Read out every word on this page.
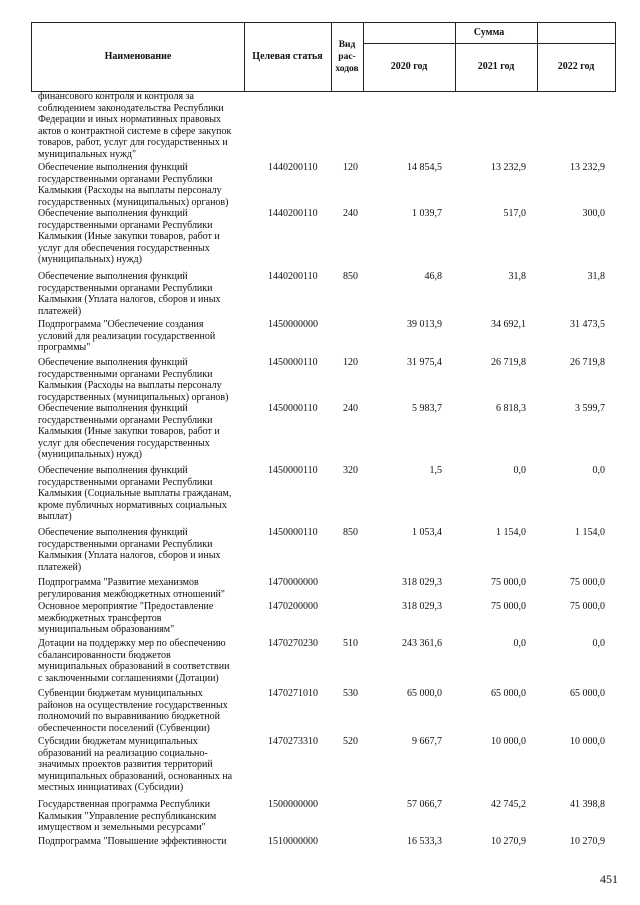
Наименование	Целевая статья
Вид рас-ходов
Сумма
2020 год	2021 год	2022 год
финансового контроля и контроля за
соблюдением законодательства Республики
Федерации и иных нормативных правовых
актов о контрактной системе в сфере закупок
товаров, работ, услуг для государственных и
муниципальных нужд"
Обеспечение выполнения функций
государственными органами Республики
Калмыкия (Расходы на выплаты персоналу
государственных (муниципальных) органов)
1440200110	120	14 854,5	13 232,9	13 232,9
Обеспечение выполнения функций
государственными органами Республики
Калмыкия (Иные закупки товаров, работ и
услуг для обеспечения государственных
(муниципальных) нужд)
1440200110	240	1 039,7	517,0	300,0
Обеспечение выполнения функций
государственными органами Республики
Калмыкия (Уплата налогов, сборов и иных
платежей)
1440200110	850	46,8	31,8	31,8
Подпрограмма "Обеспечение создания
условий для реализации государственной
программы"
1450000000	39 013,9	34 692,1	31 473,5
Обеспечение выполнения функций
государственными органами Республики
Калмыкия (Расходы на выплаты персоналу
государственных (муниципальных) органов)
1450000110	120	31 975,4	26 719,8	26 719,8
Обеспечение выполнения функций
государственными органами Республики
Калмыкия (Иные закупки товаров, работ и
услуг для обеспечения государственных
(муниципальных) нужд)
1450000110	240	5 983,7	6 818,3	3 599,7
Обеспечение выполнения функций
государственными органами Республики
Калмыкия (Социальные выплаты гражданам,
кроме публичных нормативных социальных
выплат)
1450000110	320	1,5	0,0	0,0
Обеспечение выполнения функций
государственными органами Республики
Калмыкия (Уплата налогов, сборов и иных
платежей)
1450000110	850	1 053,4	1 154,0	1 154,0
Подпрограмма "Развитие механизмов
регулирования межбюджетных отношений"
1470000000	318 029,3	75 000,0	75 000,0
Основное мероприятие "Предоставление
межбюджетных трансфертов
муниципальным образованиям"
1470200000	318 029,3	75 000,0	75 000,0
Дотации на поддержку мер по обеспечению
сбалансированности бюджетов
муниципальных образований в соответствии
с заключенными соглашениями (Дотации)
1470270230	510	243 361,6	0,0	0,0
Субвенции бюджетам муниципальных
районов на осуществление государственных
полномочий по выравниванию бюджетной
обеспеченности поселений (Субвенции)
1470271010	530	65 000,0	65 000,0	65 000,0
Субсидии бюджетам муниципальных
образований на реализацию социально-
значимых проектов развития территорий
муниципальных образований, основанных на
местных инициативах (Субсидии)
1470273310	520	9 667,7	10 000,0	10 000,0
Государственная программа Республики
Калмыкия "Управление республиканским
имуществом и земельными ресурсами"
1500000000	57 066,7	42 745,2	41 398,8
Подпрограмма "Повышение эффективности	1510000000	16 533,3	10 270,9	10 270,9
451
